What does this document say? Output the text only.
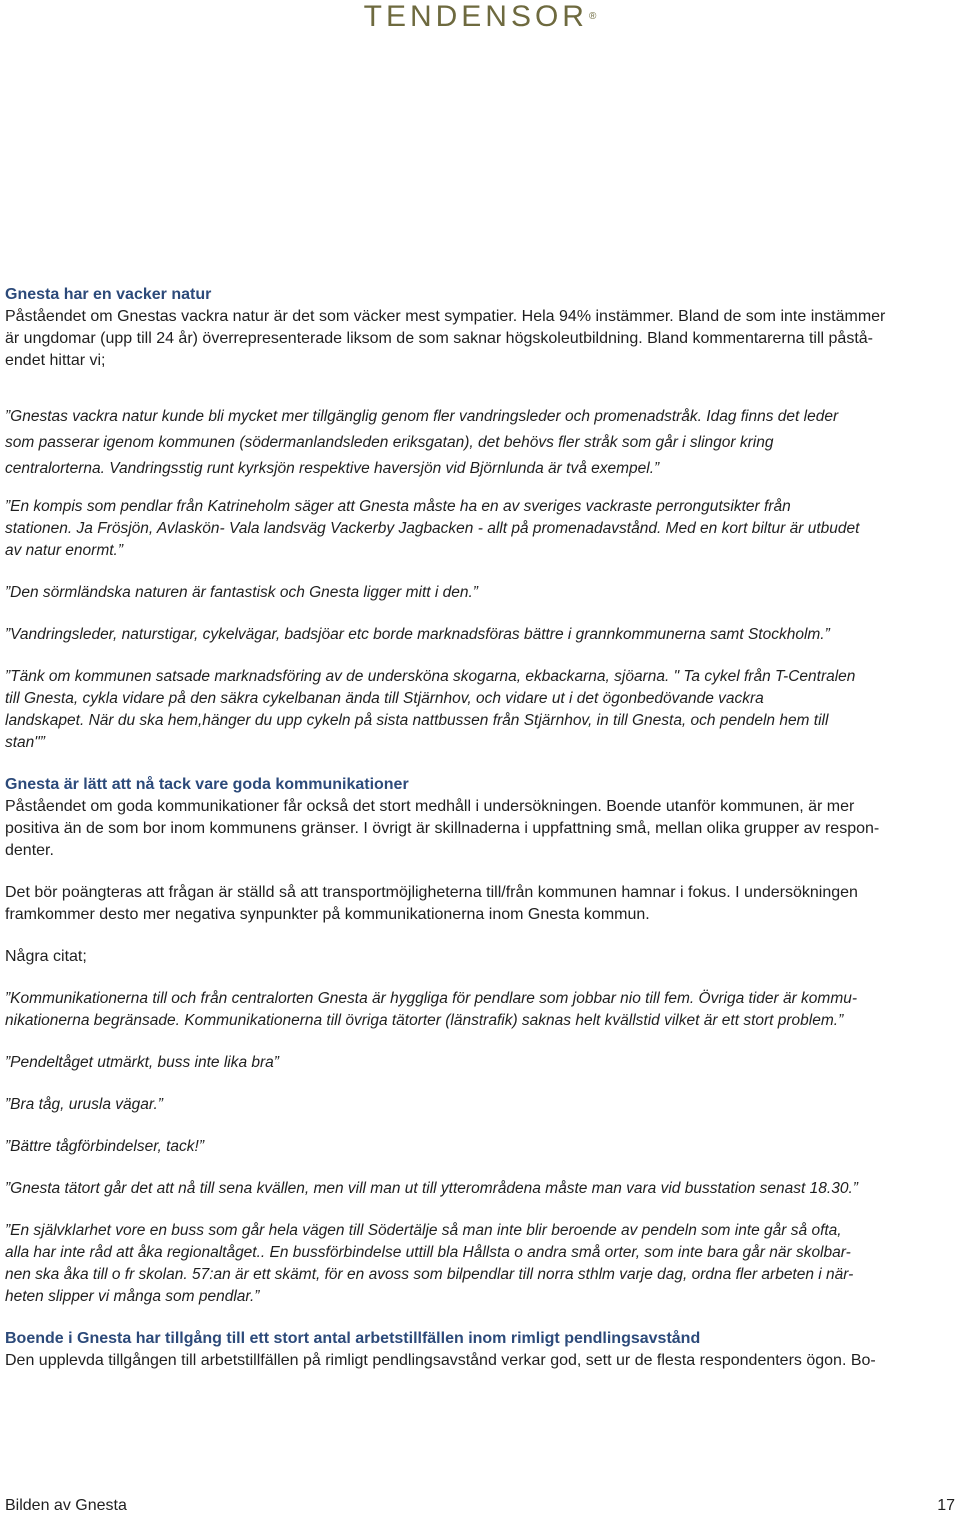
TENDENSOR®

Gnesta har en vacker natur

Påståendet om Gnestas vackra natur är det som väcker mest sympatier. Hela 94% instämmer. Bland de som inte instämmer

är ungdomar (upp till 24 år) överrepresenterade liksom de som saknar högskoleutbildning. Bland kommentarerna till påstå-

endet hittar vi;

”Gnestas vackra natur kunde bli mycket mer tillgänglig genom fler vandringsleder och promenadstråk. Idag finns det leder

som passerar igenom kommunen (södermanlandsleden eriksgatan), det behövs fler stråk som går i slingor kring

centralorterna. Vandringsstig runt kyrksjön respektive haversjön vid Björnlunda är två exempel.”

”En kompis som pendlar från Katrineholm säger att Gnesta måste ha en av sveriges vackraste perrongutsikter från

stationen. Ja Frösjön, Avlaskön- Vala landsväg Vackerby Jagbacken - allt på promenadavstånd. Med en kort biltur är utbudet

av natur enormt.”

”Den sörmländska naturen är fantastisk och Gnesta ligger mitt i den.”

”Vandringsleder, naturstigar, cykelvägar, badsjöar etc borde marknadsföras bättre i grannkommunerna samt Stockholm.”

”Tänk om kommunen satsade marknadsföring av de undersköna skogarna, ekbackarna, sjöarna. " Ta cykel från T-Centralen

till Gnesta, cykla vidare på den säkra cykelbanan ända till Stjärnhov, och vidare ut i det ögonbedövande vackra

landskapet. När du ska hem,hänger du upp cykeln på sista nattbussen från Stjärnhov, in till Gnesta, och pendeln hem till

stan"”

Gnesta är lätt att nå tack vare goda kommunikationer

Påståendet om goda kommunikationer får också det stort medhåll i undersökningen. Boende utanför kommunen, är mer

positiva än de som bor inom kommunens gränser. I övrigt är skillnaderna i uppfattning små, mellan olika grupper av respon-

denter.

Det bör poängteras att frågan är ställd så att transportmöjligheterna till/från kommunen hamnar i fokus. I undersökningen

framkommer desto mer negativa synpunkter på kommunikationerna inom Gnesta kommun.

Några citat;

”Kommunikationerna till och från centralorten Gnesta är hyggliga för pendlare som jobbar nio till fem. Övriga tider är kommu-

nikationerna begränsade. Kommunikationerna till övriga tätorter (länstrafik) saknas helt kvällstid vilket är ett stort problem.”

”Pendeltåget utmärkt, buss inte lika bra”

”Bra tåg, urusla vägar.”

”Bättre tågförbindelser, tack!”

”Gnesta tätort går det att nå till sena kvällen, men vill man ut till ytterområdena måste man vara vid busstation senast 18.30.”

”En självklarhet vore en buss som går hela vägen till Södertälje så man inte blir beroende av pendeln som inte går så ofta,

alla har inte råd att åka regionaltåget.. En bussförbindelse uttill bla Hållsta o andra små orter, som inte bara går när skolbar-

nen ska åka till o fr skolan. 57:an är ett skämt, för en avoss som bilpendlar till norra sthlm varje dag, ordna fler arbeten i när-

heten slipper vi många som pendlar.”

Boende i Gnesta har tillgång till ett stort antal arbetstillfällen inom rimligt pendlingsavstånd

Den upplevda tillgången till arbetstillfällen på rimligt pendlingsavstånd verkar god, sett ur de flesta respondenters ögon. Bo-

Bilden av Gnesta	17
